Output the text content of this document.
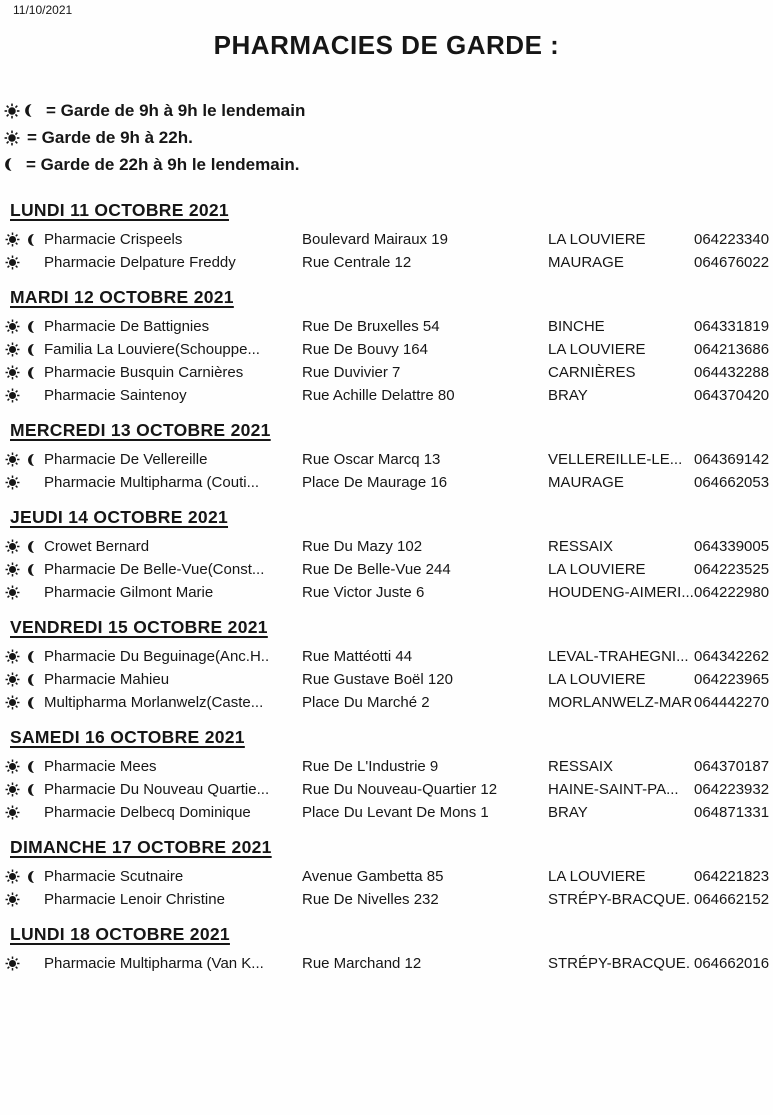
11/10/2021
PHARMACIES DE GARDE :
= Garde de 9h à 9h le lendemain
= Garde de 9h à 22h.
= Garde de 22h à 9h le lendemain.
LUNDI 11 OCTOBRE 2021
Pharmacie Crispeels	Boulevard Mairaux 19	LA LOUVIERE	064223340
Pharmacie Delpature Freddy	Rue Centrale 12	MAURAGE	064676022
MARDI 12 OCTOBRE 2021
Pharmacie De Battignies	Rue De Bruxelles 54	BINCHE	064331819
Familia La Louviere(Schouppe...	Rue De Bouvy 164	LA LOUVIERE	064213686
Pharmacie Busquin Carnières	Rue Duvivier 7	CARNIÈRES	064432288
Pharmacie Saintenoy	Rue Achille Delattre 80	BRAY	064370420
MERCREDI 13 OCTOBRE 2021
Pharmacie De Vellereille	Rue Oscar Marcq 13	VELLEREILLE-LE... 064369142
Pharmacie Multipharma (Couti...	Place De Maurage 16	MAURAGE	064662053
JEUDI 14 OCTOBRE 2021
Crowet Bernard	Rue Du Mazy 102	RESSAIX	064339005
Pharmacie De Belle-Vue(Const...	Rue De Belle-Vue 244	LA LOUVIERE	064223525
Pharmacie Gilmont Marie	Rue Victor Juste 6	HOUDENG-AIMERI... 064222980
VENDREDI 15 OCTOBRE 2021
Pharmacie Du Beguinage(Anc.H..	Rue Mattéotti 44	LEVAL-TRAHEGNI... 064342262
Pharmacie Mahieu	Rue Gustave Boël 120	LA LOUVIERE	064223965
Multipharma Morlanwelz(Caste...	Place Du Marché 2	MORLANWELZ-MAR 064442270
SAMEDI 16 OCTOBRE 2021
Pharmacie Mees	Rue De L'Industrie 9	RESSAIX	064370187
Pharmacie Du Nouveau Quartie...	Rue Du Nouveau-Quartier 12	HAINE-SAINT-PA...	064223932
Pharmacie Delbecq Dominique	Place Du Levant De Mons 1	BRAY	064871331
DIMANCHE 17 OCTOBRE 2021
Pharmacie Scutnaire	Avenue Gambetta 85	LA LOUVIERE	064221823
Pharmacie Lenoir Christine	Rue De Nivelles 232	STRÉPY-BRACQUE. 064662152
LUNDI 18 OCTOBRE 2021
Pharmacie Multipharma (Van K...	Rue Marchand 12	STRÉPY-BRACQUE. 064662016
